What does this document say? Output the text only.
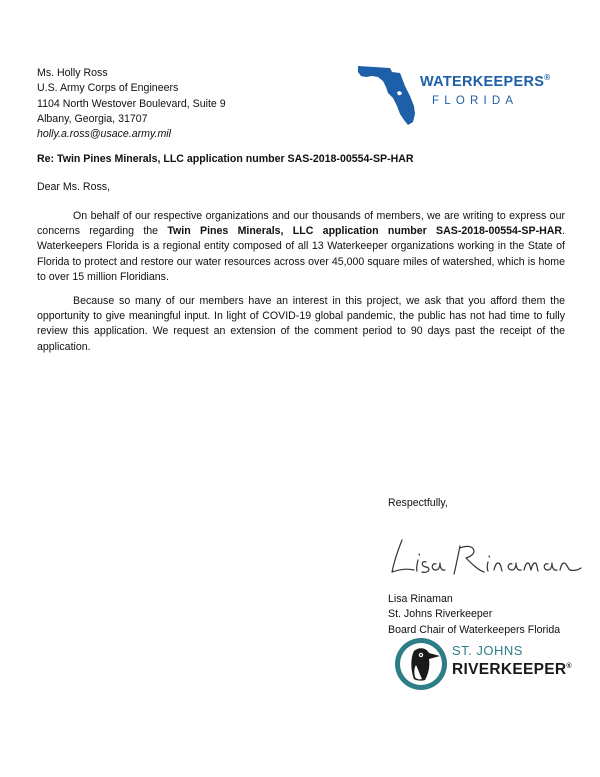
Ms. Holly Ross
U.S. Army Corps of Engineers
1104 North Westover Boulevard, Suite 9
Albany, Georgia, 31707
holly.a.ross@usace.army.mil
WATERKEEPERS®
FLORIDA
Re: Twin Pines Minerals, LLC application number SAS-2018-00554-SP-HAR
Dear Ms. Ross,

On behalf of our respective organizations and our thousands of members, we are writing to express our concerns regarding the Twin Pines Minerals, LLC application number SAS-2018-00554-SP-HAR. Waterkeepers Florida is a regional entity composed of all 13 Waterkeeper organizations working in the State of Florida to protect and restore our water resources across over 45,000 square miles of watershed, which is home to over 15 million Floridians.

Because so many of our members have an interest in this project, we ask that you afford them the opportunity to give meaningful input. In light of COVID-19 global pandemic, the public has not had time to fully review this application. We request an extension of the comment period to 90 days past the receipt of the application.

Respectfully,
Lisa Rinaman
St. Johns Riverkeeper
Board Chair of Waterkeepers Florida
ST. JOHNS
RIVERKEEPER®
